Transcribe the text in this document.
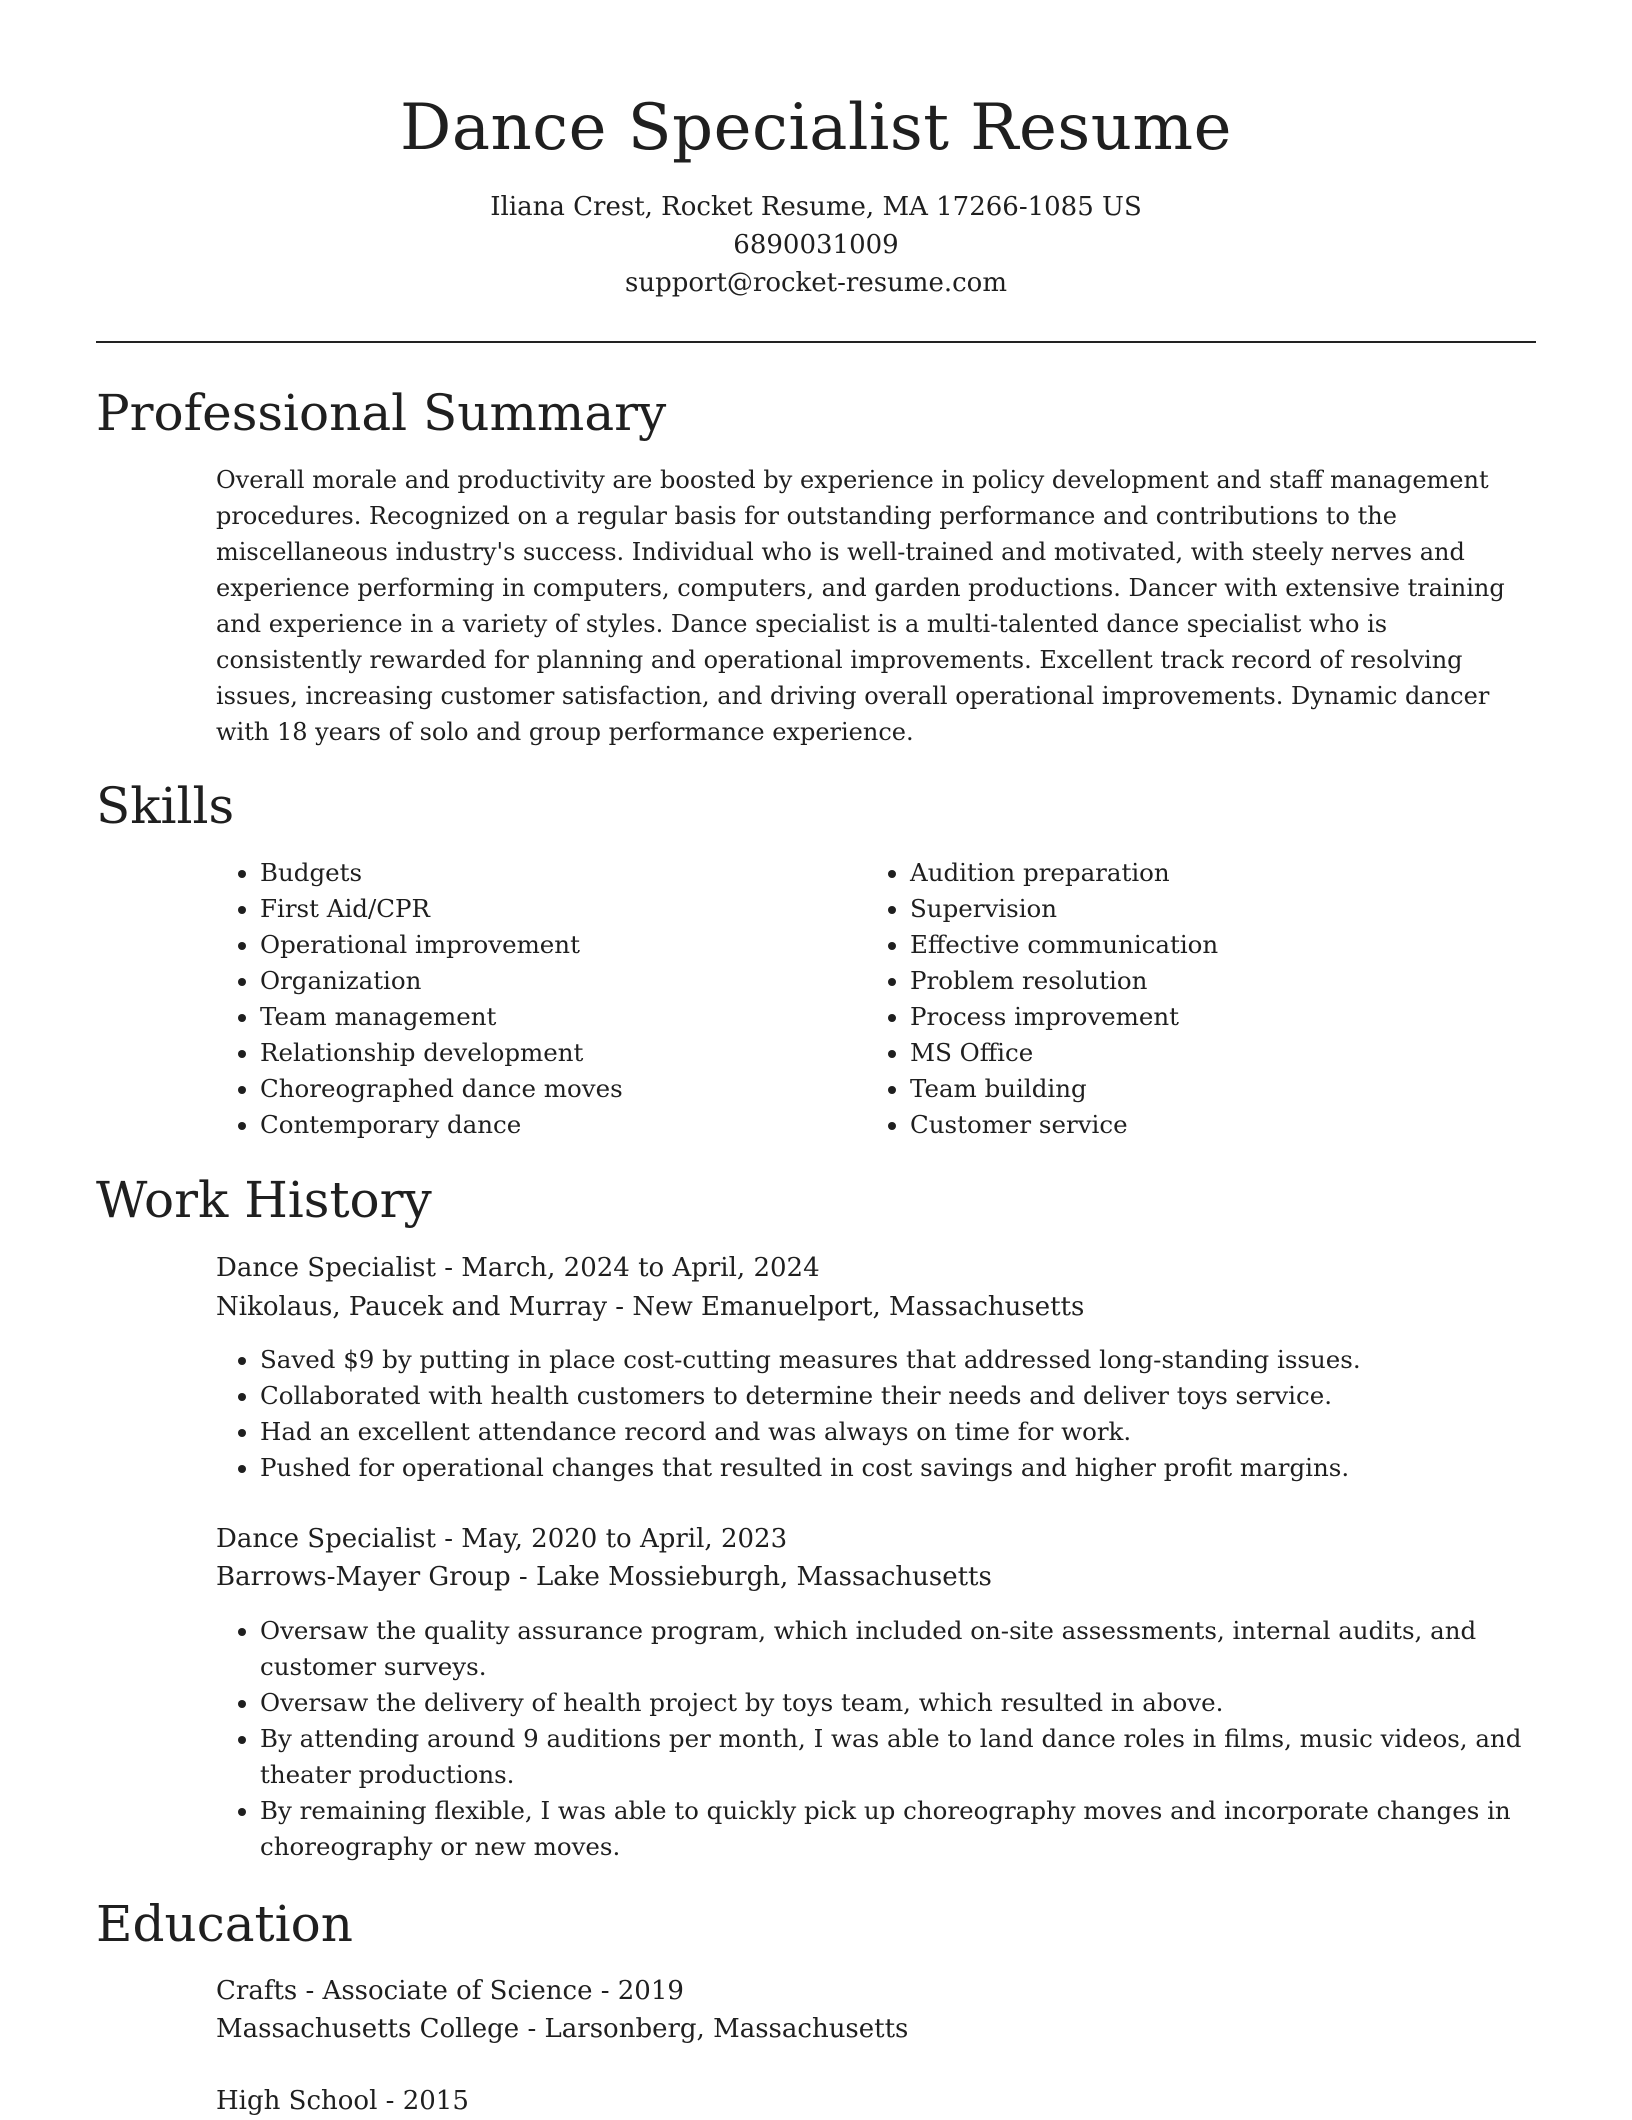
Dance Specialist Resume

Iliana Crest, Rocket Resume, MA 17266-1085 US

6890031009

support@rocket-resume.com

Professional Summary

Overall morale and productivity are boosted by experience in policy development and staff management procedures. Recognized on a regular basis for outstanding performance and contributions to the miscellaneous industry's success. Individual who is well-trained and motivated, with steely nerves and experience performing in computers, computers, and garden productions. Dancer with extensive training and experience in a variety of styles. Dance specialist is a multi-talented dance specialist who is consistently rewarded for planning and operational improvements. Excellent track record of resolving issues, increasing customer satisfaction, and driving overall operational improvements. Dynamic dancer with 18 years of solo and group performance experience.

Skills
• Budgets
• First Aid/CPR
• Operational improvement
• Organization
• Team management
• Relationship development
• Choreographed dance moves
• Contemporary dance
• Audition preparation
• Supervision
• Effective communication
• Problem resolution
• Process improvement
• MS Office
• Team building
• Customer service
Work History

Dance Specialist - March, 2024 to April, 2024

Nikolaus, Paucek and Murray - New Emanuelport, Massachusetts

• Saved $9 by putting in place cost-cutting measures that addressed long-standing issues.
• Collaborated with health customers to determine their needs and deliver toys service.
• Had an excellent attendance record and was always on time for work.
• Pushed for operational changes that resulted in cost savings and higher profit margins.

Dance Specialist - May, 2020 to April, 2023

Barrows-Mayer Group - Lake Mossieburgh, Massachusetts

• Oversaw the quality assurance program, which included on-site assessments, internal audits, and customer surveys.
• Oversaw the delivery of health project by toys team, which resulted in above.
• By attending around 9 auditions per month, I was able to land dance roles in films, music videos, and theater productions.
• By remaining flexible, I was able to quickly pick up choreography moves and incorporate changes in choreography or new moves.
Education

Crafts - Associate of Science - 2019

Massachusetts College - Larsonberg, Massachusetts

High School - 2015
